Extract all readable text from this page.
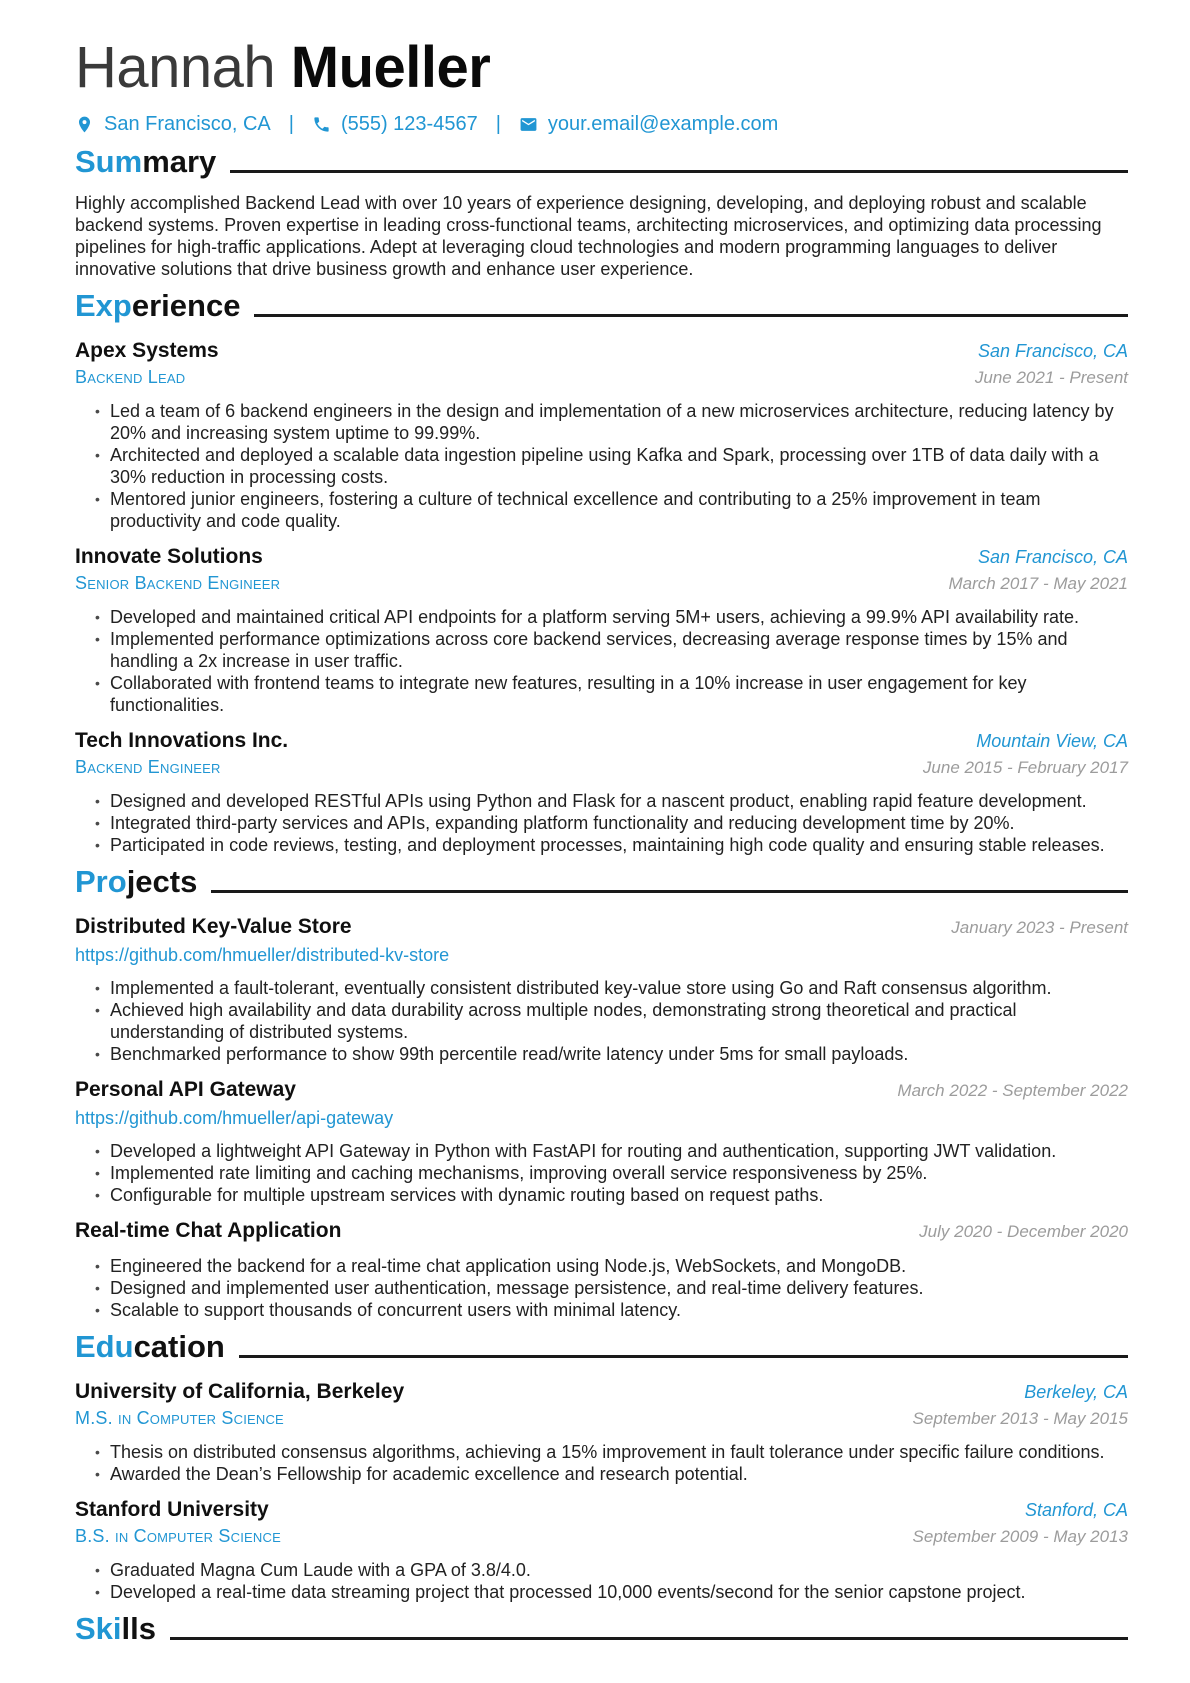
Hannah Mueller
San Francisco, CA | (555) 123-4567 | your.email@example.com
Sum mary

Highly accomplished Backend Lead with over 10 years of experience designing, developing, and deploying robust and scalable backend systems. Proven expertise in leading cross-functional teams, architecting microservices, and optimizing data processing pipelines for high-traffic applications. Adept at leveraging cloud technologies and modern programming languages to deliver innovative solutions that drive business growth and enhance user experience.

Exp erience
Apex Systems	San Francisco, CA
Backend Lead	June 2021 - Present
• Led a team of 6 backend engineers in the design and implementation of a new microservices architecture, reducing latency by 20% and increasing system uptime to 99.99%.
• Architected and deployed a scalable data ingestion pipeline using Kafka and Spark, processing over 1TB of data daily with a 30% reduction in processing costs.
• Mentored junior engineers, fostering a culture of technical excellence and contributing to a 25% improvement in team productivity and code quality.
Innovate Solutions	San Francisco, CA
Senior Backend Engineer	March 2017 - May 2021
• Developed and maintained critical API endpoints for a platform serving 5M+ users, achieving a 99.9% API availability rate.
• Implemented performance optimizations across core backend services, decreasing average response times by 15% and handling a 2x increase in user traffic.
• Collaborated with frontend teams to integrate new features, resulting in a 10% increase in user engagement for key functionalities.
Tech Innovations Inc.	Mountain View, CA
Backend Engineer	June 2015 - February 2017
• Designed and developed RESTful APIs using Python and Flask for a nascent product, enabling rapid feature development.
• Integrated third-party services and APIs, expanding platform functionality and reducing development time by 20%.
• Participated in code reviews, testing, and deployment processes, maintaining high code quality and ensuring stable releases.
Pro jects
Distributed Key-Value Store	January 2023 - Present
https://github.com/hmueller/distributed-kv-store
• Implemented a fault-tolerant, eventually consistent distributed key-value store using Go and Raft consensus algorithm.
• Achieved high availability and data durability across multiple nodes, demonstrating strong theoretical and practical understanding of distributed systems.
• Benchmarked performance to show 99th percentile read/write latency under 5ms for small payloads.
Personal API Gateway	March 2022 - September 2022
https://github.com/hmueller/api-gateway
• Developed a lightweight API Gateway in Python with FastAPI for routing and authentication, supporting JWT validation.
• Implemented rate limiting and caching mechanisms, improving overall service responsiveness by 25%.
• Configurable for multiple upstream services with dynamic routing based on request paths.
Real-time Chat Application	July 2020 - December 2020
• Engineered the backend for a real-time chat application using Node.js, WebSockets, and MongoDB.
• Designed and implemented user authentication, message persistence, and real-time delivery features.
• Scalable to support thousands of concurrent users with minimal latency.
Edu cation
University of California, Berkeley	Berkeley, CA
M.S. in Computer Science	September 2013 - May 2015
• Thesis on distributed consensus algorithms, achieving a 15% improvement in fault tolerance under specific failure conditions.
• Awarded the Dean’s Fellowship for academic excellence and research potential.
Stanford University	Stanford, CA
B.S. in Computer Science	September 2009 - May 2013
• Graduated Magna Cum Laude with a GPA of 3.8/4.0.
• Developed a real-time data streaming project that processed 10,000 events/second for the senior capstone project.
Ski lls
